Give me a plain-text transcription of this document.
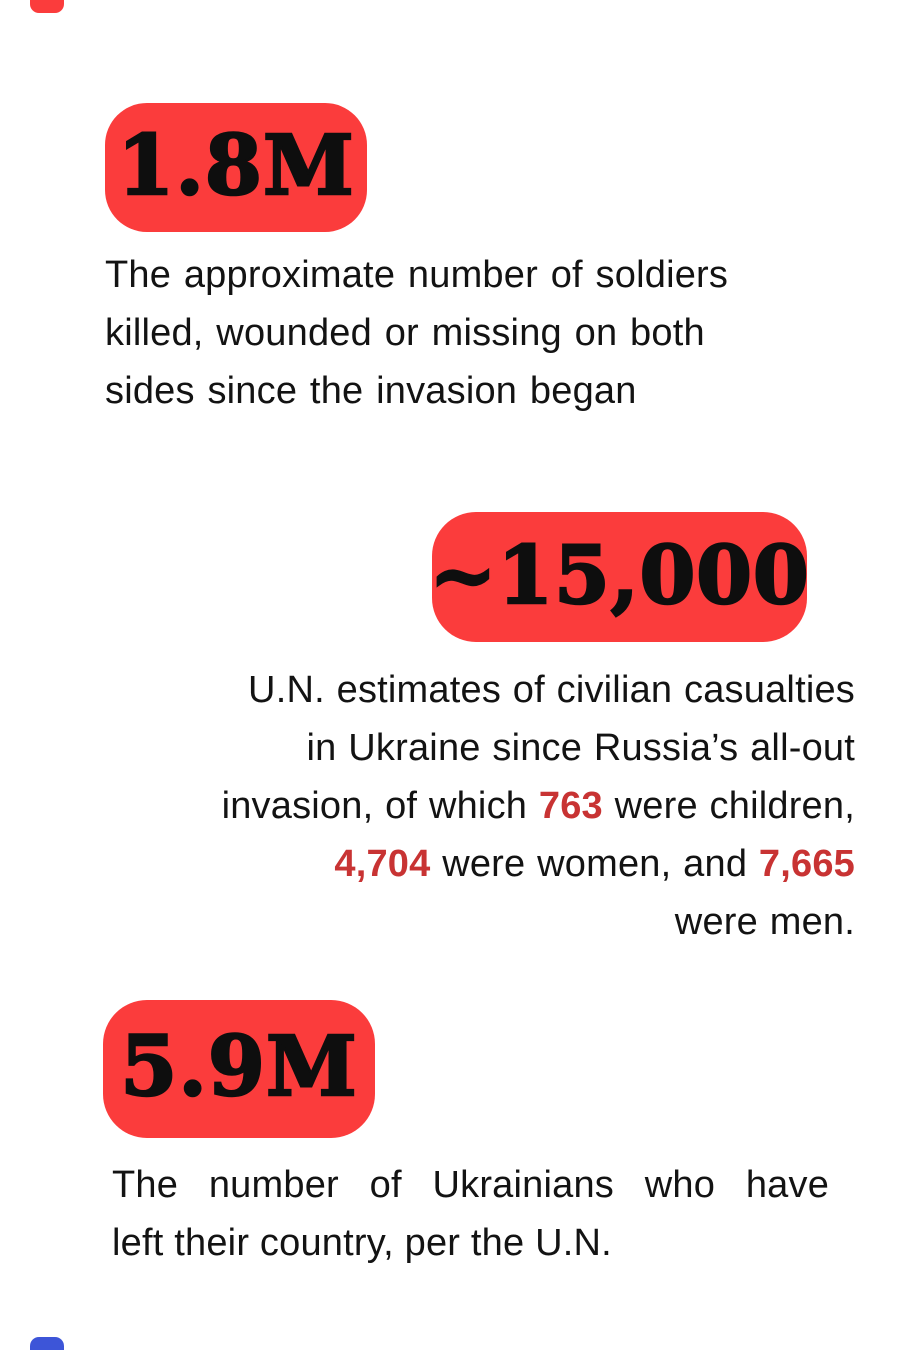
1.8M
The approximate number of soldiers
killed, wounded or missing on both
sides since the invasion began
~15,000
U.N. estimates of civilian casualties
in Ukraine since Russia’s all-out
invasion, of which 763 were children,
4,704 were women, and 7,665
were men.
5.9M
The number of Ukrainians who have
left their country, per the U.N.
